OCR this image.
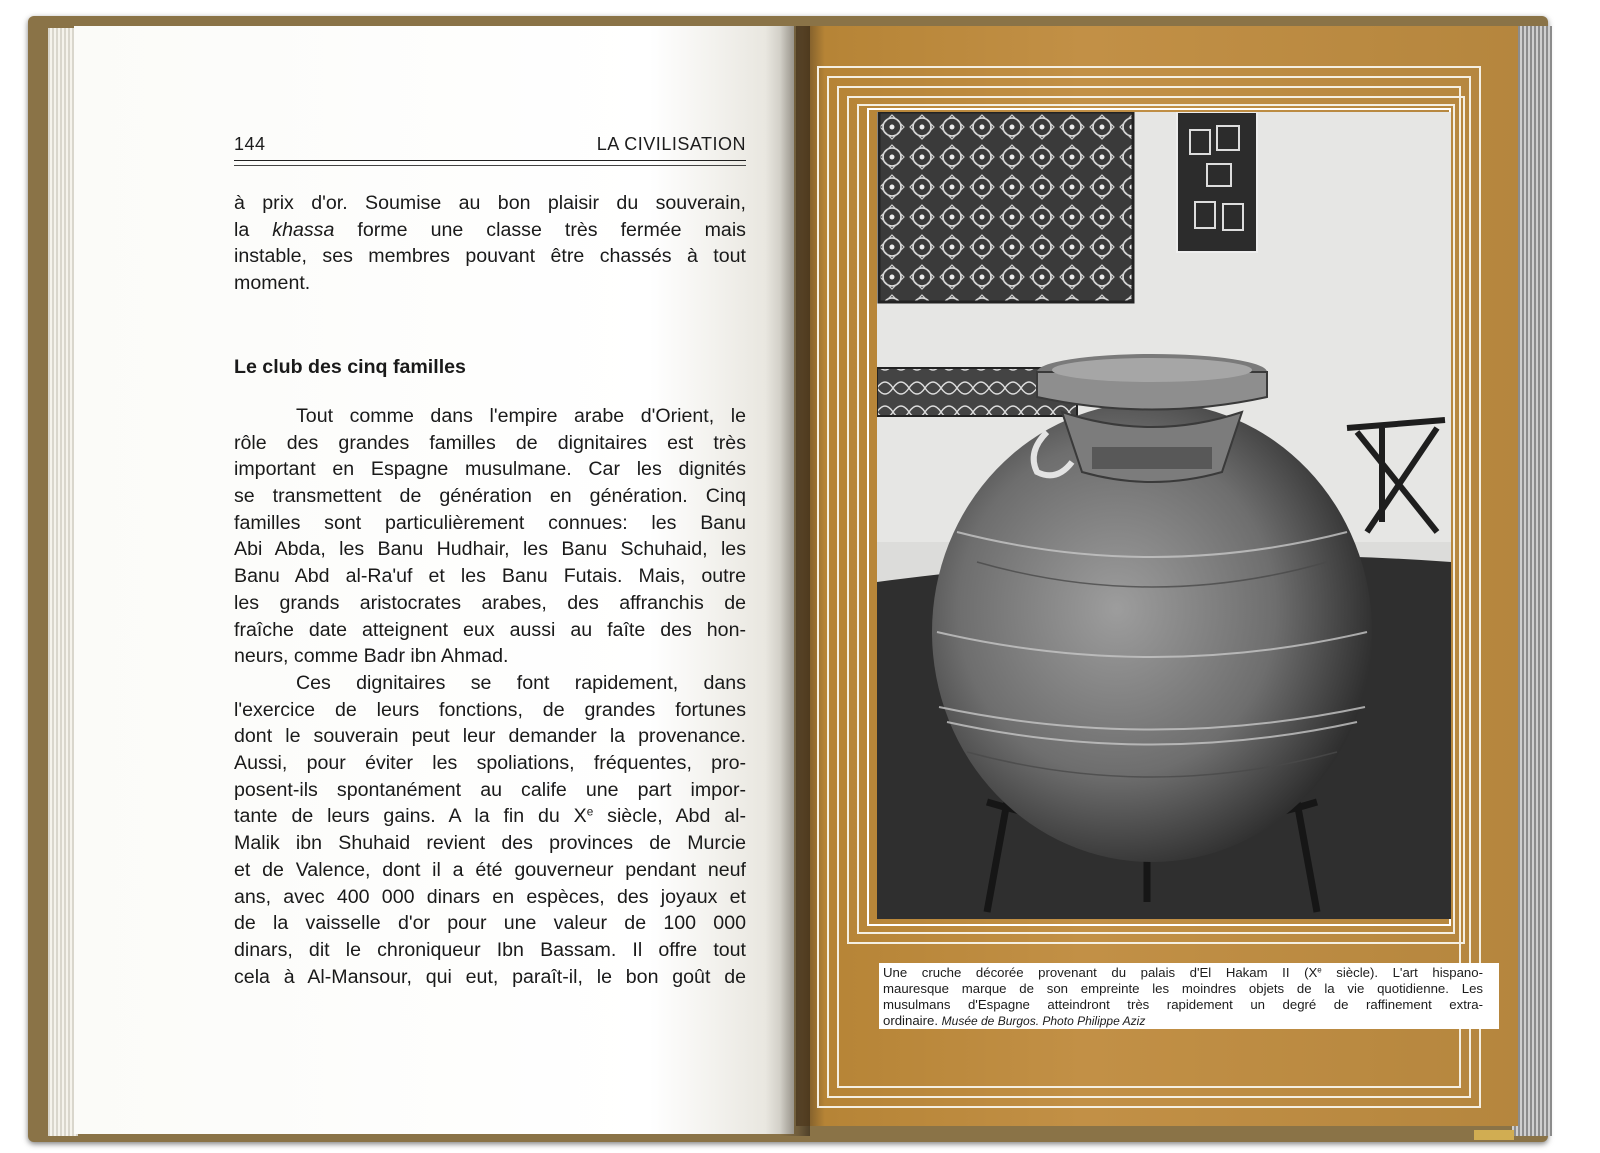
144	LA CIVILISATION
à prix d'or. Soumise au bon plaisir du souverain,
la khassa forme une classe très fermée mais
instable, ses membres pouvant être chassés à tout
moment.
Le club des cinq familles
Tout comme dans l'empire arabe d'Orient, le
rôle des grandes familles de dignitaires est très
important en Espagne musulmane. Car les dignités
se transmettent de génération en génération. Cinq
familles sont particulièrement connues: les Banu
Abi Abda, les Banu Hudhair, les Banu Schuhaid, les
Banu Abd al-Ra'uf et les Banu Futais. Mais, outre
les grands aristocrates arabes, des affranchis de
fraîche date atteignent eux aussi au faîte des hon-
neurs, comme Badr ibn Ahmad.
Ces dignitaires se font rapidement, dans
l'exercice de leurs fonctions, de grandes fortunes
dont le souverain peut leur demander la provenance.
Aussi, pour éviter les spoliations, fréquentes, pro-
posent-ils spontanément au calife une part impor-
tante de leurs gains. A la fin du Xe siècle, Abd al-
Malik ibn Shuhaid revient des provinces de Murcie
et de Valence, dont il a été gouverneur pendant neuf
ans, avec 400 000 dinars en espèces, des joyaux et
de la vaisselle d'or pour une valeur de 100 000
dinars, dit le chroniqueur Ibn Bassam. Il offre tout
cela à Al-Mansour, qui eut, paraît-il, le bon goût de	Une cruche décorée provenant du palais d'El Hakam II (Xe siècle). L'art hispano-
mauresque marque de son empreinte les moindres objets de la vie quotidienne. Les
musulmans d'Espagne atteindront très rapidement un degré de raffinement extra-
ordinaire. Musée de Burgos. Photo Philippe Aziz
